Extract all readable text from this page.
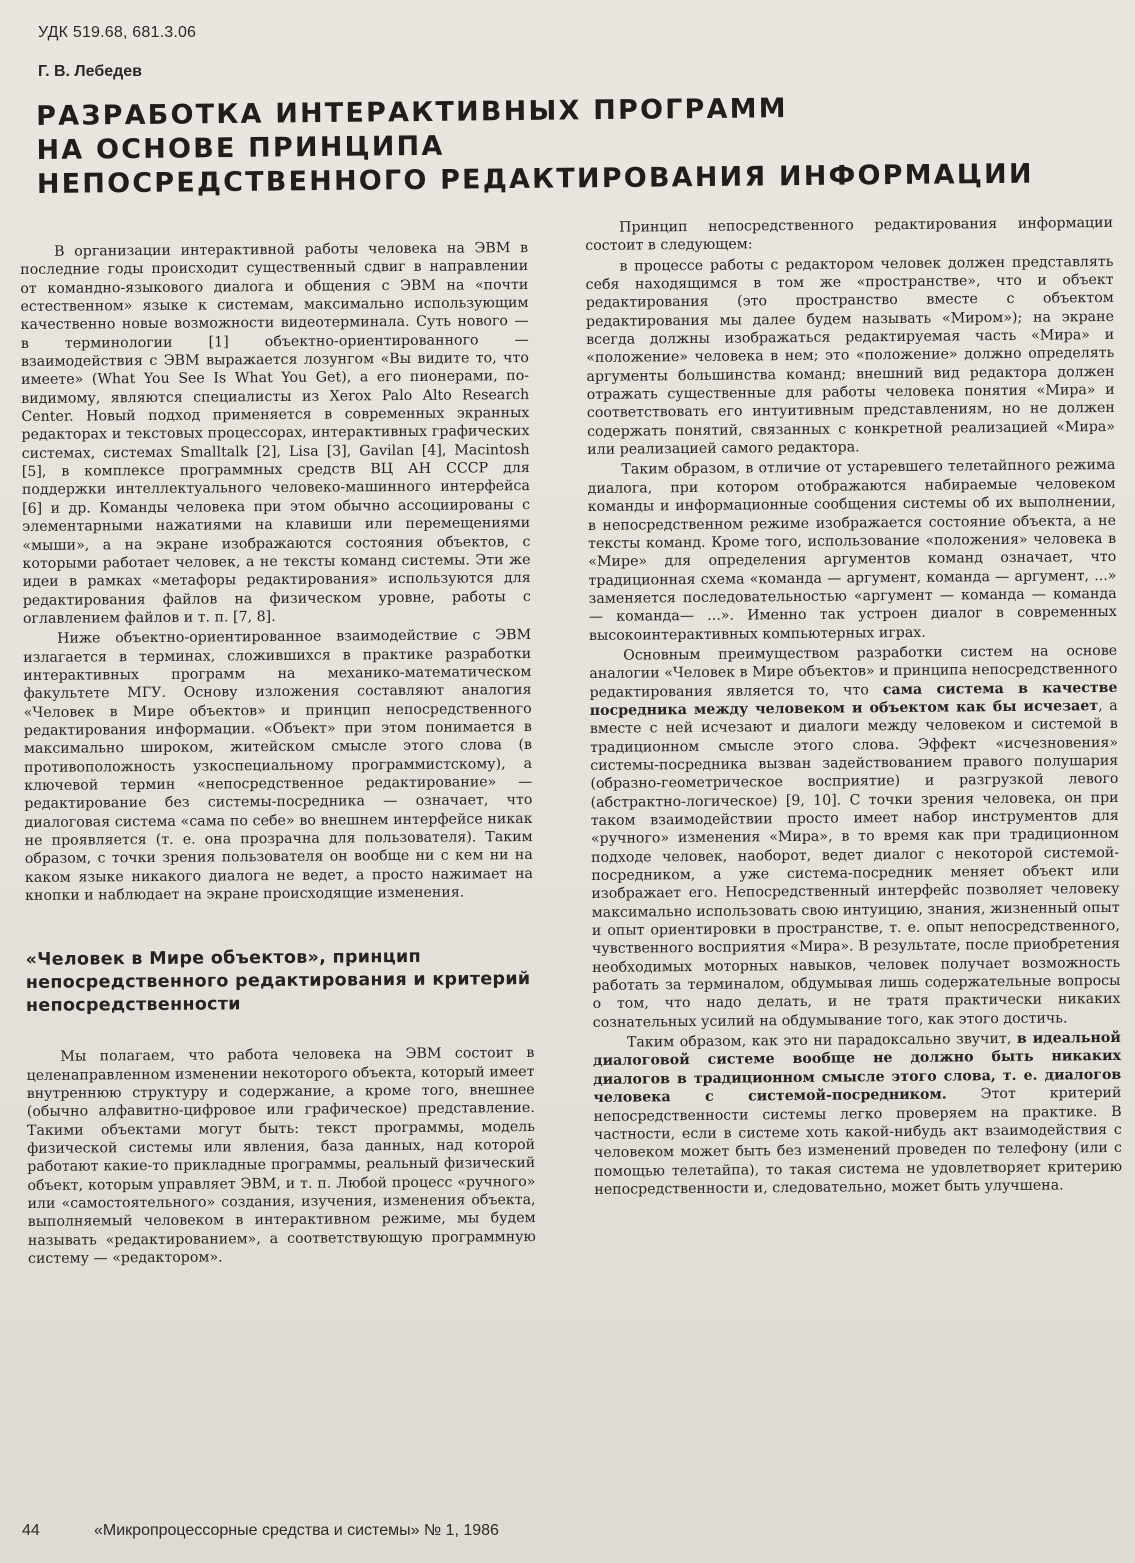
УДК 519.68, 681.3.06
Г. В. Лебедев
РАЗРАБОТКА ИНТЕРАКТИВНЫХ ПРОГРАММ
НА ОСНОВЕ ПРИНЦИПА
НЕПОСРЕДСТВЕННОГО РЕДАКТИРОВАНИЯ ИНФОРМАЦИИ

В организации интерактивной работы человека на ЭВМ в последние годы происходит существенный сдвиг в направлении от командно-языкового диалога и общения с ЭВМ на «почти естественном» языке к системам, максимально использующим качественно новые возможности видеотерминала. Суть нового — в терминологии [1] объектно-ориентированного — взаимодействия с ЭВМ выражается лозунгом «Вы видите то, что имеете» (What You See Is What You Get), а его пионерами, по-видимому, являются специалисты из Xerox Palo Alto Research Center. Новый подход применяется в современных экранных редакторах и текстовых процессорах, интерактивных графических системах, системах Smalltalk [2], Lisa [3], Gavilan [4], Macintosh [5], в комплексе программных средств ВЦ АН СССР для поддержки интеллектуального человеко-машинного интерфейса [6] и др. Команды человека при этом обычно ассоциированы с элементарными нажатиями на клавиши или перемещениями «мыши», а на экране изображаются состояния объектов, с которыми работает человек, а не тексты команд системы. Эти же идеи в рамках «метафоры редактирования» используются для редактирования файлов на физическом уровне, работы с оглавлением файлов и т. п. [7, 8].

Ниже объектно-ориентированное взаимодействие с ЭВМ излагается в терминах, сложившихся в практике разработки интерактивных программ на механико-математическом факультете МГУ. Основу изложения составляют аналогия «Человек в Мире объектов» и принцип непосредственного редактирования информации. «Объект» при этом понимается в максимально широком, житейском смысле этого слова (в противоположность узкоспециальному программистскому), а ключевой термин «непосредственное редактирование» — редактирование без системы-посредника — означает, что диалоговая система «сама по себе» во внешнем интерфейсе никак не проявляется (т. е. она прозрачна для пользователя). Таким образом, с точки зрения пользователя он вообще ни с кем ни на каком языке никакого диалога не ведет, а просто нажимает на кнопки и наблюдает на экране происходящие изменения.

«Человек в Мире объектов», принцип непосредственного редактирования и критерий непосредственности

Мы полагаем, что работа человека на ЭВМ состоит в целенаправленном изменении некоторого объекта, который имеет внутреннюю структуру и содержание, а кроме того, внешнее (обычно алфавитно-цифровое или графическое) представление. Такими объектами могут быть: текст программы, модель физической системы или явления, база данных, над которой работают какие-то прикладные программы, реальный физический объект, которым управляет ЭВМ, и т. п. Любой процесс «ручного» или «самостоятельного» создания, изучения, изменения объекта, выполняемый человеком в интерактивном режиме, мы будем называть «редактированием», а соответствующую программную систему — «редактором».

Принцип непосредственного редактирования информации состоит в следующем:

в процессе работы с редактором человек должен представлять себя находящимся в том же «пространстве», что и объект редактирования (это пространство вместе с объектом редактирования мы далее будем называть «Миром»); на экране всегда должны изображаться редактируемая часть «Мира» и «положение» человека в нем; это «положение» должно определять аргументы большинства команд; внешний вид редактора должен отражать существенные для работы человека понятия «Мира» и соответствовать его интуитивным представлениям, но не должен содержать понятий, связанных с конкретной реализацией «Мира» или реализацией самого редактора.

Таким образом, в отличие от устаревшего телетайпного режима диалога, при котором отображаются набираемые человеком команды и информационные сообщения системы об их выполнении, в непосредственном режиме изображается состояние объекта, а не тексты команд. Кроме того, использование «положения» человека в «Мире» для определения аргументов команд означает, что традиционная схема «команда — аргумент, команда — аргумент, ...» заменяется последовательностью «аргумент — команда — команда — команда— ...». Именно так устроен диалог в современных высокоинтерактивных компьютерных играх.

Основным преимуществом разработки систем на основе аналогии «Человек в Мире объектов» и принципа непосредственного редактирования является то, что сама система в качестве посредника между человеком и объектом как бы исчезает, а вместе с ней исчезают и диалоги между человеком и системой в традиционном смысле этого слова. Эффект «исчезновения» системы-посредника вызван задействованием правого полушария (образно-геометрическое восприятие) и разгрузкой левого (абстрактно-логическое) [9, 10]. С точки зрения человека, он при таком взаимодействии просто имеет набор инструментов для «ручного» изменения «Мира», в то время как при традиционном подходе человек, наоборот, ведет диалог с некоторой системой-посредником, а уже система-посредник меняет объект или изображает его. Непосредственный интерфейс позволяет человеку максимально использовать свою интуицию, знания, жизненный опыт и опыт ориентировки в пространстве, т. е. опыт непосредственного, чувственного восприятия «Мира». В результате, после приобретения необходимых моторных навыков, человек получает возможность работать за терминалом, обдумывая лишь содержательные вопросы о том, что надо делать, и не тратя практически никаких сознательных усилий на обдумывание того, как этого достичь.

Таким образом, как это ни парадоксально звучит, в идеальной диалоговой системе вообще не должно быть никаких диалогов в традиционном смысле этого слова, т. е. диалогов человека с системой-посредником. Этот критерий непосредственности системы легко проверяем на практике. В частности, если в системе хоть какой-нибудь акт взаимодействия с человеком может быть без изменений проведен по телефону (или с помощью телетайпа), то такая система не удовлетворяет критерию непосредственности и, следовательно, может быть улучшена.

44	«Микропроцессорные средства и системы» № 1, 1986
